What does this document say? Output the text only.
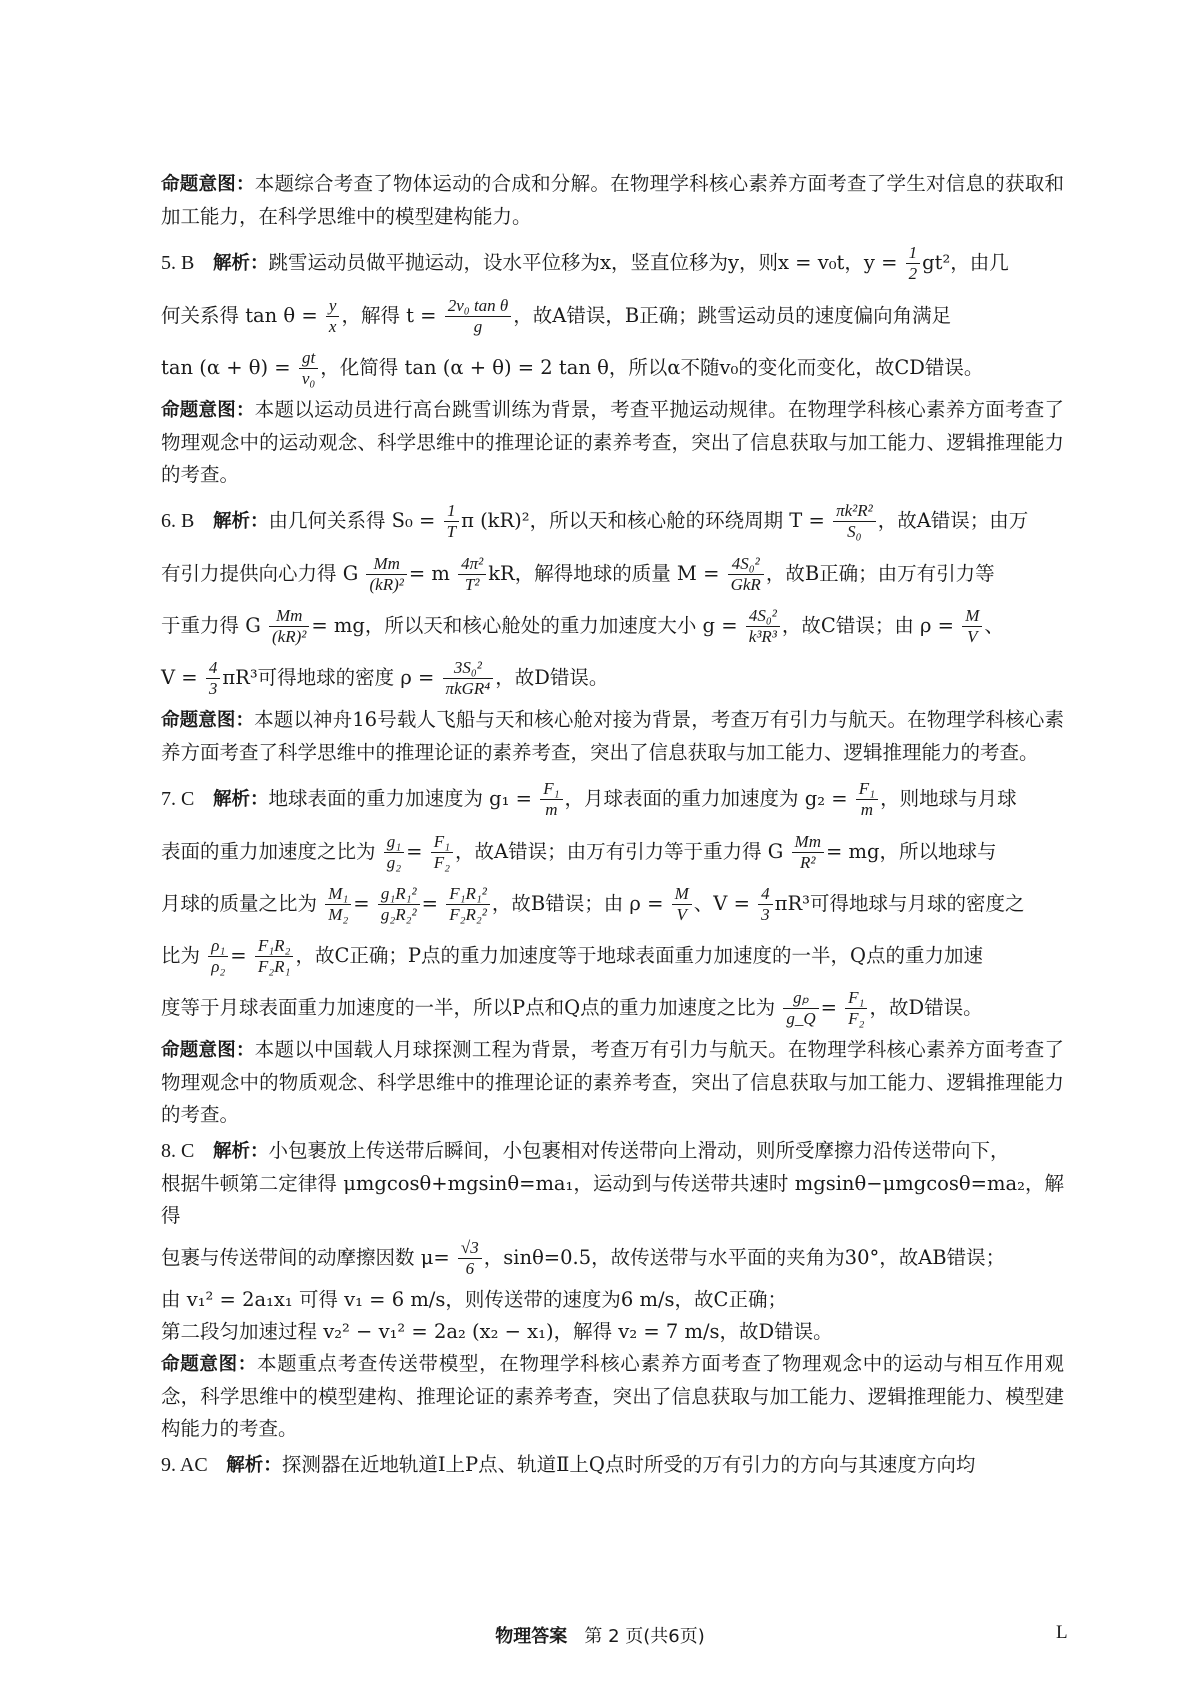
命题意图：本题综合考查了物体运动的合成和分解。在物理学科核心素养方面考查了学生对信息的获取和加工能力，在科学思维中的模型建构能力。

5. B 解析：跳雪运动员做平抛运动，设水平位移为x，竖直位移为y，则x = v₀t，$y = \frac{1}{2} gt^2$，由几
何关系得 $\tan \theta = \frac{y}{x}$ ，解得 $t = \frac{\text{2v₀ tan θ}}{g}$ ，故A错误，B正确；跳雪运动员的速度偏向角满足
$\tan (\alpha + \theta) = \frac{gt}{\text{v₀}}$ ，化简得 tan (α + θ) = 2 tan θ，所以α不随v₀的变化而变化，故CD错误。

命题意图：本题以运动员进行高台跳雪训练为背景，考查平抛运动规律。在物理学科核心素养方面考查了物理观念中的运动观念、科学思维中的推理论证的素养考查，突出了信息获取与加工能力、逻辑推理能力的考查。

6. B 解析：由几何关系得 $S_0 = \frac{1}{T}$ π (kR)²，所以天和核心舱的环绕周期 $T = \frac{\text{πk²R²}}{\text{S₀}}$ ，故A错误；由万
有引力提供向心力得 G $\frac{Mm}{\text{(kR)²}} = m \frac{\text{4π²}}{\text{T²}}$ kR，解得地球的质量 $M = \frac{\text{4S₀²}}{\text{GkR}}$ ，故B正确；由万有引力等
于重力得 G $\frac{Mm}{\text{(kR)²}}$ = mg，所以天和核心舱处的重力加速度大小 $g = \frac{\text{4S₀²}}{\text{k³R³}}$ ，故C错误；由 $\rho = \frac{M}{V}$ 、
$V = \frac{4}{3} \pi R^3$可得地球的密度 $\rho = \frac{\text{3S₀²}}{\text{πkGR⁴}}$ ，故D错误。

命题意图：本题以神舟16号载人飞船与天和核心舱对接为背景，考查万有引力与航天。在物理学科核心素养方面考查了科学思维中的推理论证的素养考查，突出了信息获取与加工能力、逻辑推理能力的考查。

7. C 解析：地球表面的重力加速度为 $g_1 = \frac{\text{F₁}}{m}$ ，月球表面的重力加速度为 $g_2 = \frac{\text{F₁}}{m}$ ，则地球与月球
表面的重力加速度之比为 $\frac{\text{g₁}}{\text{g₂}} = \frac{\text{F₁}}{\text{F₂}}$ ，故A错误；由万有引力等于重力得 G $\frac{Mm}{\text{R²}}$ = mg，所以地球与
月球的质量之比为 $\frac{\text{M₁}}{\text{M₂}} = \frac{\text{g₁R₁²}}{\text{g₂R₂²}} = \frac{\text{F₁R₁²}}{\text{F₂R₂²}}$ ，故B错误；由 $\rho = \frac{M}{V}$ 、$V = \frac{4}{3} \pi R^3$可得地球与月球的密度之
比为 $\frac{\text{ρ₁}}{\text{ρ₂}} = \frac{\text{F₁R₂}}{\text{F₂R₁}}$ ，故C正确；P点的重力加速度等于地球表面重力加速度的一半，Q点的重力加速
度等于月球表面重力加速度的一半，所以P点和Q点的重力加速度之比为 $\frac{\text{gₚ}}{g\_Q} = \frac{\text{F₁}}{\text{F₂}}$ ，故D错误。

命题意图：本题以中国载人月球探测工程为背景，考查万有引力与航天。在物理学科核心素养方面考查了物理观念中的物质观念、科学思维中的推理论证的素养考查，突出了信息获取与加工能力、逻辑推理能力的考查。

8. C 解析：小包裹放上传送带后瞬间，小包裹相对传送带向上滑动，则所受摩擦力沿传送带向下，
根据牛顿第二定律得 μmgcosθ+mgsinθ=ma₁，运动到与传送带共速时 mgsinθ−μmgcosθ=ma₂，解得
包裹与传送带间的动摩擦因数 $\mu= \frac{√3}{6}$ ，sinθ=0.5，故传送带与水平面的夹角为30°，故AB错误；
由 v₁² = 2a₁x₁ 可得 v₁ = 6 m/s，则传送带的速度为6 m/s，故C正确；
第二段匀加速过程 v₂² − v₁² = 2a₂ (x₂ − x₁)，解得 v₂ = 7 m/s，故D错误。

命题意图：本题重点考查传送带模型，在物理学科核心素养方面考查了物理观念中的运动与相互作用观念，科学思维中的模型建构、推理论证的素养考查，突出了信息获取与加工能力、逻辑推理能力、模型建构能力的考查。

9. AC 解析：探测器在近地轨道Ⅰ上P点、轨道Ⅱ上Q点时所受的万有引力的方向与其速度方向均

物理答案 第 2 页(共6页)	L
